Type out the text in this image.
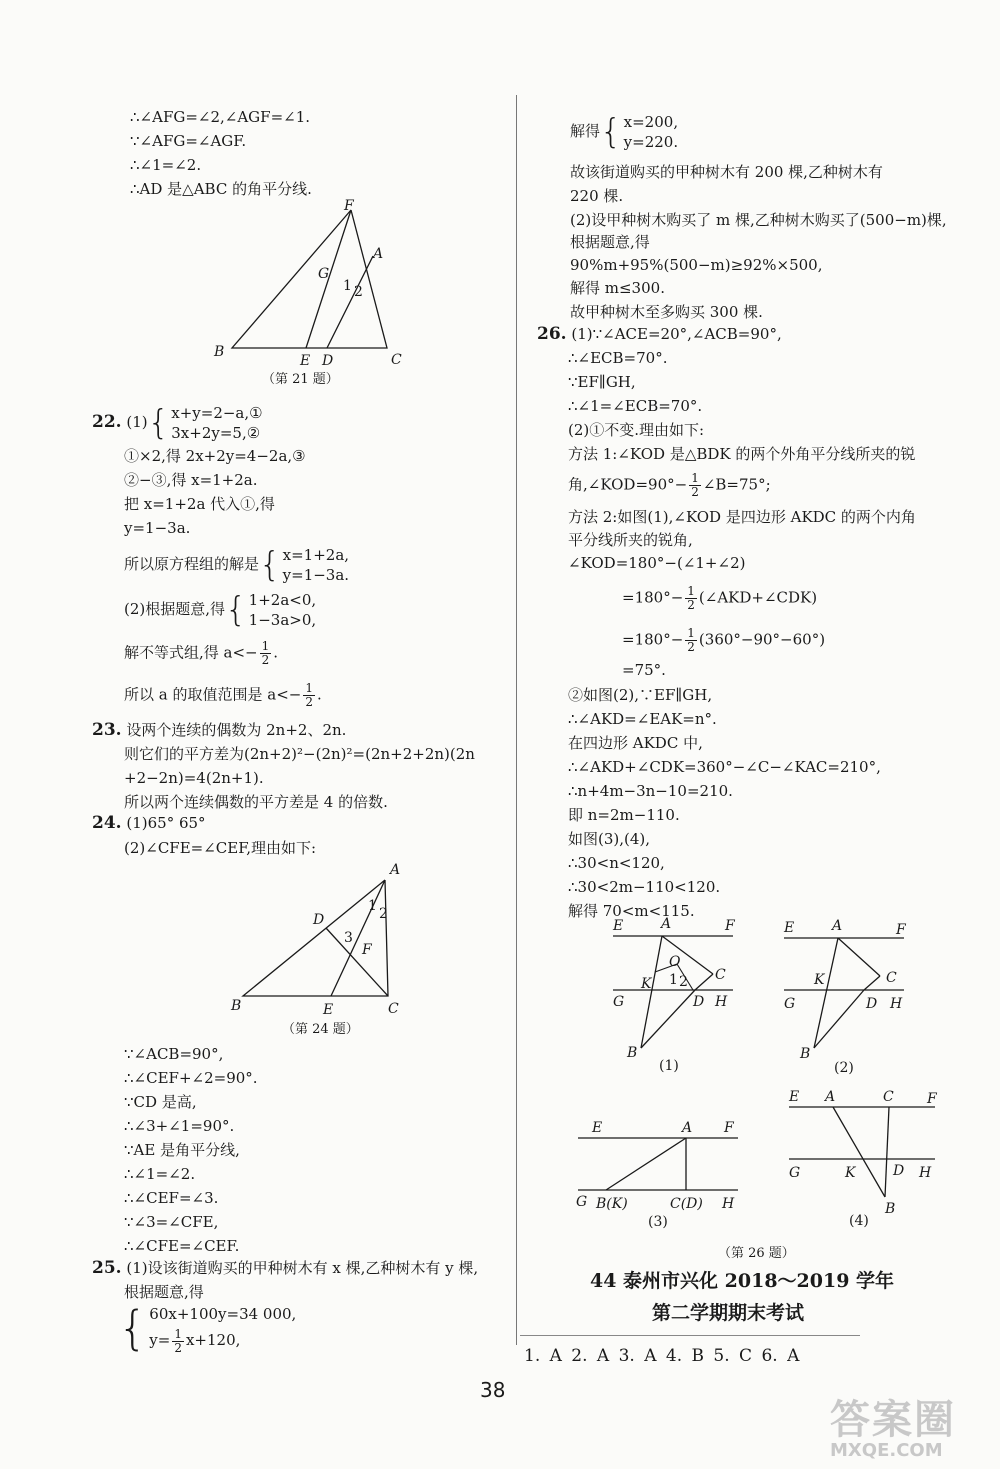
∴∠AFG=∠2,∠AGF=∠1.
∵∠AFG=∠AGF.
∴∠1=∠2.
∴AD 是△ABC 的角平分线.
F
A
G
1 2
B
E D	C
（第 21 题）
22. (1){ x+y=2−a,①
3x+2y=5,②
①×2,得 2x+2y=4−2a,③
②−③,得 x=1+2a.
把 x=1+2a 代入①,得
y=1−3a.
所以原方程组的解是{ x=1+2a,
y=1−3a.
(2)根据题意,得{ 1+2a<0,
1−3a>0,
解不等式组,得 $a<- \frac{1}{2}$ .
所以 a 的取值范围是 $a<- \frac{1}{2}$ .
23. 设两个连续的偶数为 2n+2、2n.
则它们的平方差为(2n+2)²−(2n)²=(2n+2+2n)(2n
+2−2n)=4(2n+1).
所以两个连续偶数的平方差是 4 的倍数.
24. (1)65° 65°
(2)∠CFE=∠CEF,理由如下:
A
D
1 2
3
F
B	E	C
（第 24 题）
∵∠ACB=90°,
∴∠CEF+∠2=90°.
∵CD 是高,
∴∠3+∠1=90°.
∵AE 是角平分线,
∴∠1=∠2.
∴∠CEF=∠3.
∵∠3=∠CFE,
∴∠CFE=∠CEF.
25. (1)设该街道购买的甲种树木有 x 棵,乙种树木有 y 棵,
根据题意,得
{ 60x+100y=34 000,
$y= \frac{1}{2} x+120$,
解得{ x=200,
y=220.
故该街道购买的甲种树木有 200 棵,乙种树木有
220 棵.
(2)设甲种树木购买了 m 棵,乙种树木购买了(500−m)棵,
根据题意,得
90%m+95%(500−m)≥92%×500,
解得 m≤300.
故甲种树木至多购买 300 棵.
26. (1)∵∠ACE=20°,∠ACB=90°,
∴∠ECB=70°.
∵EF∥GH,
∴∠1=∠ECB=70°.
(2)①不变.理由如下:
方法 1:∠KOD 是△BDK 的两个外角平分线所夹的锐
角,∠KOD=90°− $\frac{1}{2}$ ∠B=75°;
方法 2:如图(1),∠KOD 是四边形 AKDC 的两个内角
平分线所夹的锐角,
∠KOD=180°−(∠1+∠2)
$=180^\circ- \frac{1}{2}$ (∠AKD+∠CDK)
$=180^\circ- \frac{1}{2} (360^\circ-90^\circ-60^\circ)$
=75°.
②如图(2),∵EF∥GH,
∴∠AKD=∠EAK=n°.
在四边形 AKDC 中,
∴∠AKD+∠CDK=360°−∠C−∠KAC=210°,
∴n+4m−3n−10=210.
即 n=2m−110.
如图(3),(4),
∴30<n<120,
∴30<2m−110<120.
解得 70<m<115.
E	A	F
O
K 1 2 C
G	D H
B
(1)
E	A	F
K	C
G	D H
B
(2)
E	A F
G B(K)	C(D) H
(3)
E A	C F
G	K	D H
B
(4)
（第 26 题）
44 泰州市兴化 2018～2019 学年
第二学期期末考试
1. A 2. A 3. A 4. B 5. C 6. A
38
答案圈
MXQE.COM
